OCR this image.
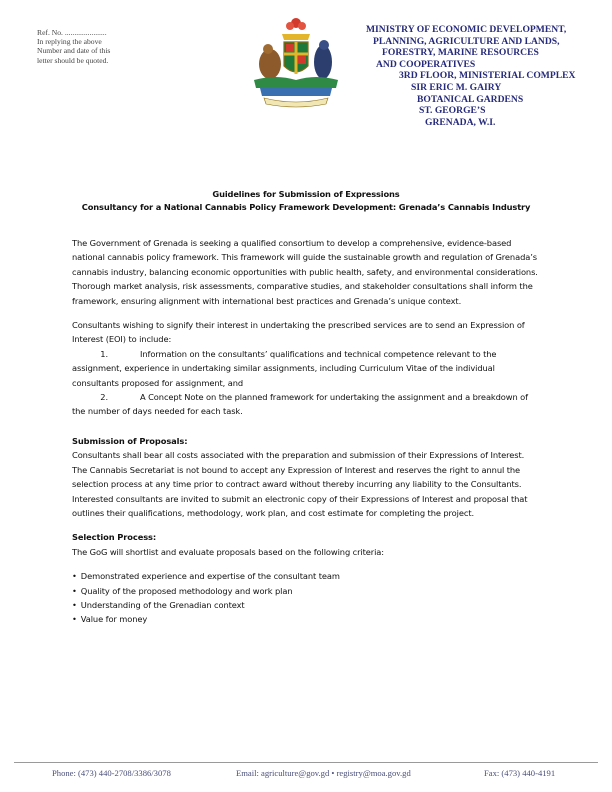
Ref. No. ......................
In replying the above
Number and date of this
letter should be quoted.
MINISTRY OF ECONOMIC DEVELOPMENT,
PLANNING, AGRICULTURE AND LANDS,
FORESTRY, MARINE RESOURCES
AND COOPERATIVES
3RD FLOOR, MINISTERIAL COMPLEX
SIR ERIC M. GAIRY
BOTANICAL GARDENS
ST. GEORGE’S
GRENADA, W.I.
Guidelines for Submission of Expressions
Consultancy for a National Cannabis Policy Framework Development: Grenada’s Cannabis Industry

The Government of Grenada is seeking a qualified consortium to develop a comprehensive, evidence-based national cannabis policy framework. This framework will guide the sustainable growth and regulation of Grenada’s cannabis industry, balancing economic opportunities with public health, safety, and environmental considerations. Thorough market analysis, risk assessments, comparative studies, and stakeholder consultations shall inform the framework, ensuring alignment with international best practices and Grenada’s unique context.

Consultants wishing to signify their interest in undertaking the prescribed services are to send an Expression of Interest (EOI) to include:

1.	Information on the consultants’ qualifications and technical competence relevant to the assignment, experience in undertaking similar assignments, including Curriculum Vitae of the individual consultants proposed for assignment, and

2.	A Concept Note on the planned framework for undertaking the assignment and a breakdown of the number of days needed for each task.

Submission of Proposals:

Consultants shall bear all costs associated with the preparation and submission of their Expressions of Interest.

The Cannabis Secretariat is not bound to accept any Expression of Interest and reserves the right to annul the selection process at any time prior to contract award without thereby incurring any liability to the Consultants.

Interested consultants are invited to submit an electronic copy of their Expressions of Interest and proposal that outlines their qualifications, methodology, work plan, and cost estimate for completing the project.

Selection Process:

The GoG will shortlist and evaluate proposals based on the following criteria:

• Demonstrated experience and expertise of the consultant team
• Quality of the proposed methodology and work plan
• Understanding of the Grenadian context
• Value for money
Phone: (473) 440-2708/3386/3078	Email: agriculture@gov.gd • registry@moa.gov.gd	Fax: (473) 440-4191
